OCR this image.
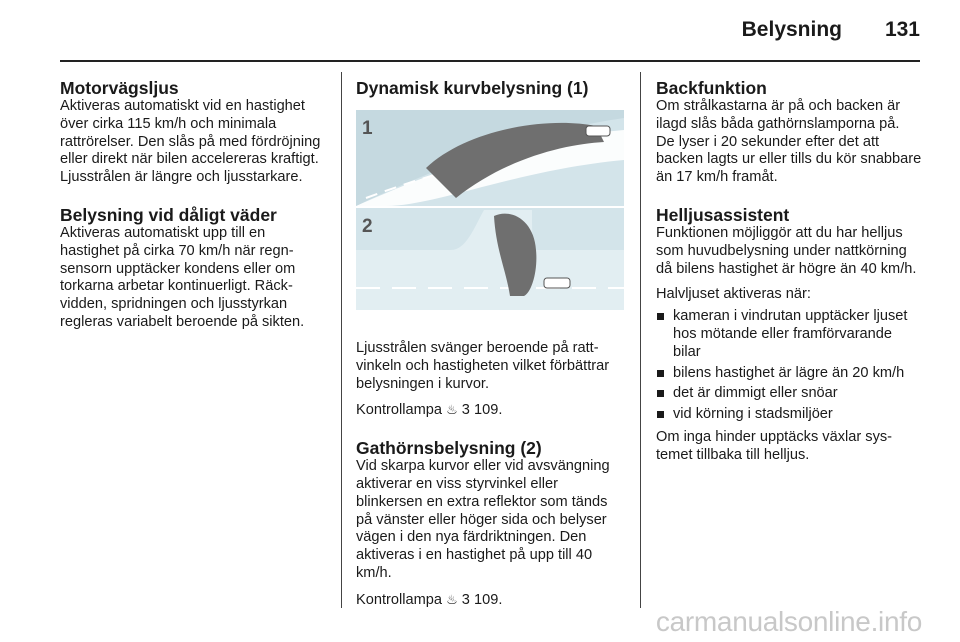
Belysning 131
Motorvägsljus

Aktiveras automatiskt vid en hastighet över cirka 115 km/h och minimala rattrörelser. Den slås på med fördröjning eller direkt när bilen accelereras kraftigt. Ljusstrålen är längre och ljusstarkare.

Belysning vid dåligt väder

Aktiveras automatiskt upp till en hastighet på cirka 70 km/h när regnsensorn upptäcker kondens eller om torkarna arbetar kontinuerligt. Räckvidden, spridningen och ljusstyrkan regleras variabelt beroende på sikten.

Dynamisk kurvbelysning (1)
1
2

Ljusstrålen svänger beroende på rattvinkeln och hastigheten vilket förbättrar belysningen i kurvor.

Kontrollampa ♨ 3 109.

Gathörnsbelysning (2)

Vid skarpa kurvor eller vid avsvängning aktiverar en viss styrvinkel eller blinkersen en extra reflektor som tänds på vänster eller höger sida och belyser vägen i den nya färdriktningen. Den aktiveras i en hastighet på upp till 40 km/h.

Kontrollampa ♨ 3 109.

Backfunktion

Om strålkastarna är på och backen är ilagd slås båda gathörnslamporna på. De lyser i 20 sekunder efter det att backen lagts ur eller tills du kör snabbare än 17 km/h framåt.

Helljusassistent

Funktionen möjliggör att du har helljus som huvudbelysning under nattkörning då bilens hastighet är högre än 40 km/h.

Halvljuset aktiveras när:

kameran i vindrutan upptäcker ljuset hos mötande eller framförvarande bilar
bilens hastighet är lägre än 20 km/h
det är dimmigt eller snöar
vid körning i stadsmiljöer

Om inga hinder upptäcks växlar systemet tillbaka till helljus.

carmanualsonline.info
